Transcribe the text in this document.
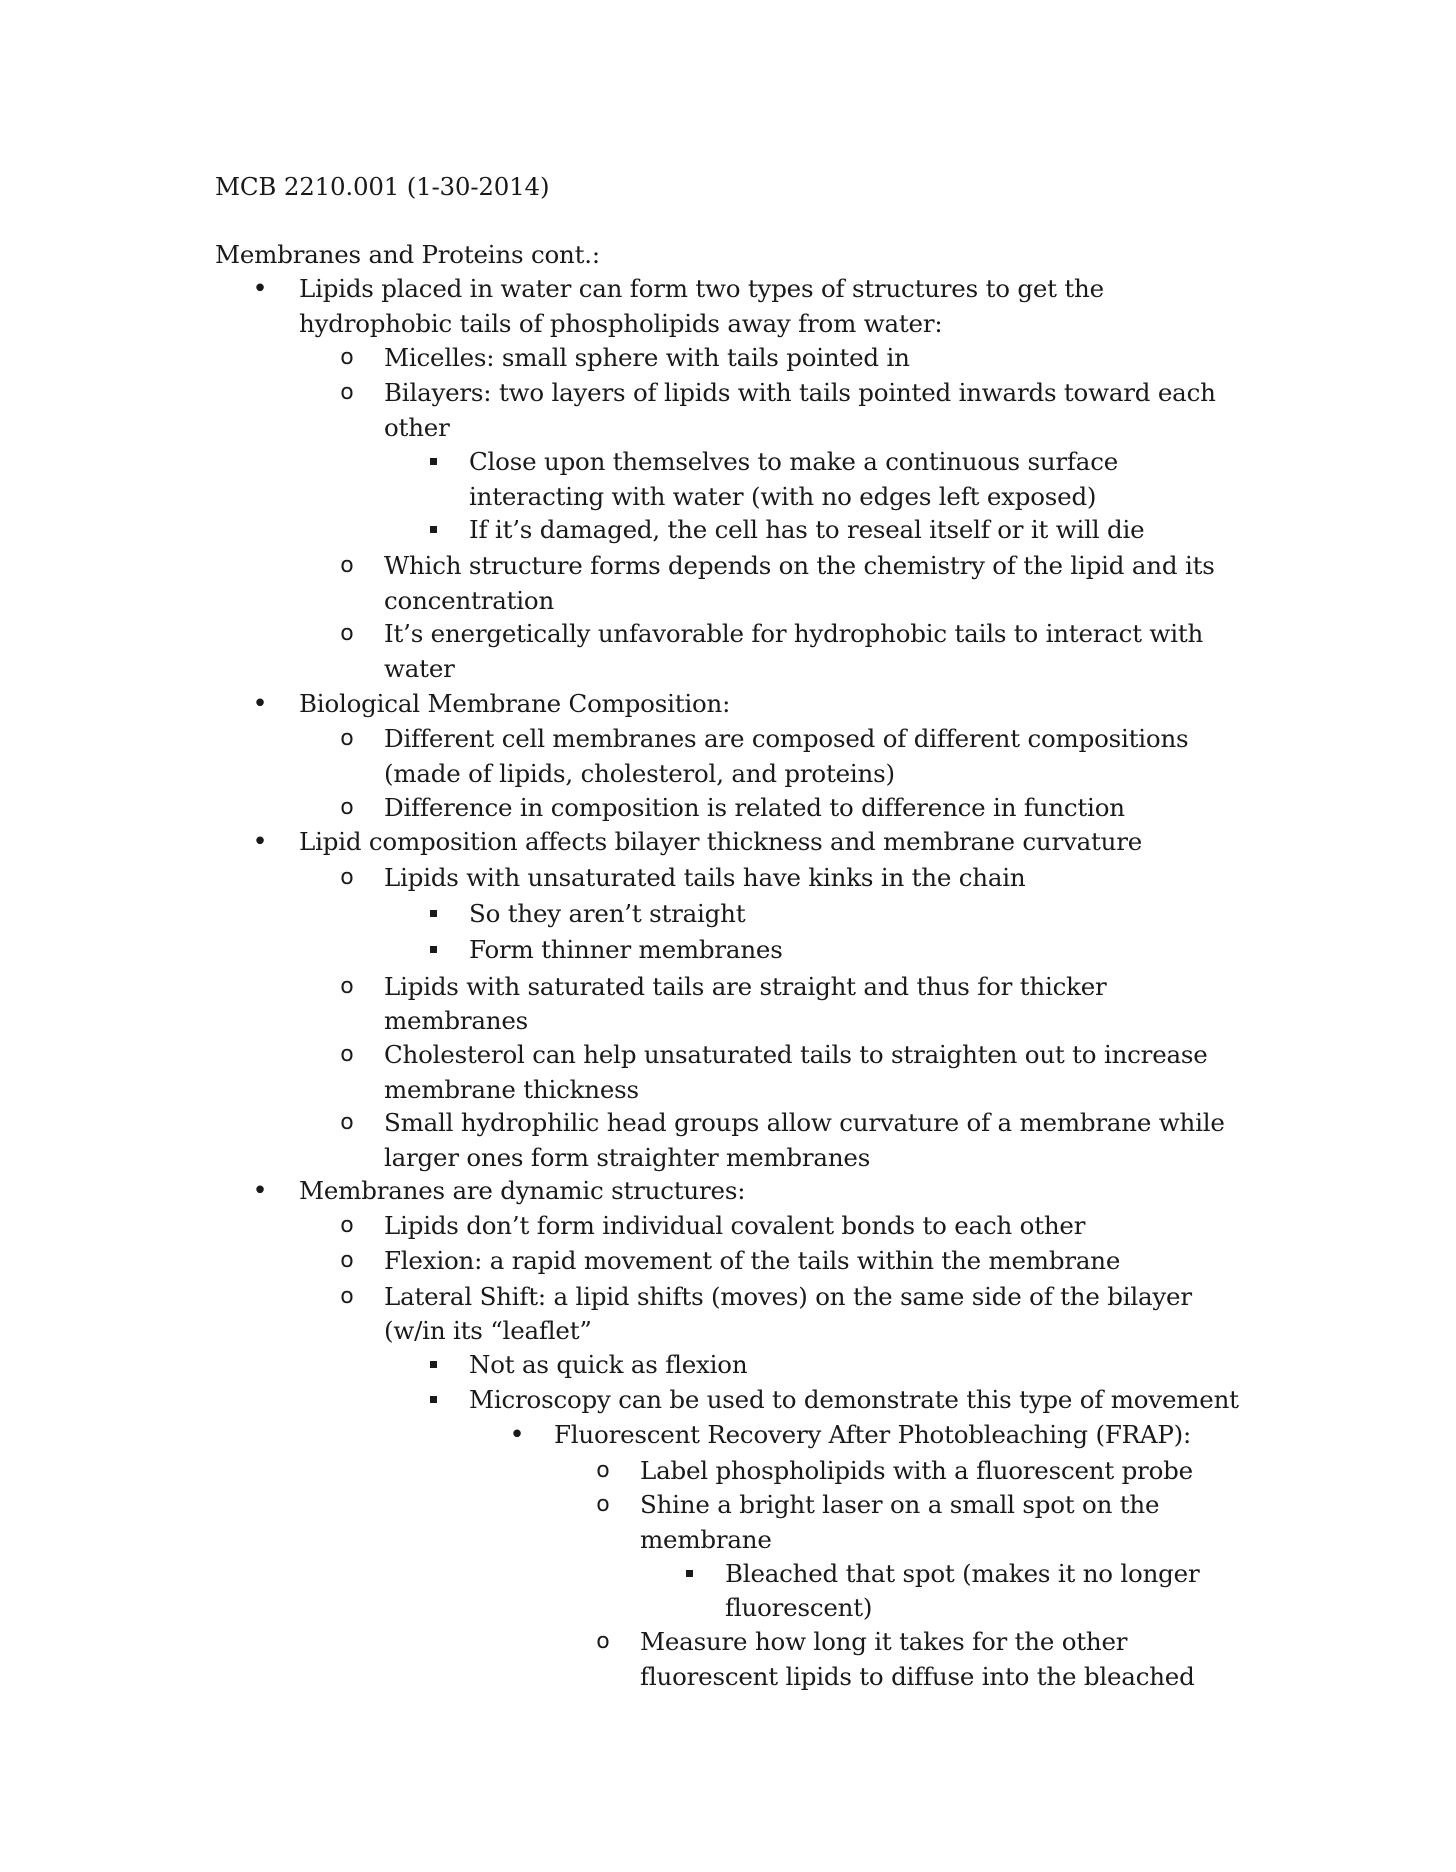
MCB 2210.001 (1-30-2014)
Membranes and Proteins cont.:
• Lipids placed in water can form two types of structures to get the
hydrophobic tails of phospholipids away from water:
o Micelles: small sphere with tails pointed in
o Bilayers: two layers of lipids with tails pointed inwards toward each
other
Close upon themselves to make a continuous surface
interacting with water (with no edges left exposed)
If it’s damaged, the cell has to reseal itself or it will die
o Which structure forms depends on the chemistry of the lipid and its
concentration
o It’s energetically unfavorable for hydrophobic tails to interact with
water
• Biological Membrane Composition:
o Different cell membranes are composed of different compositions
(made of lipids, cholesterol, and proteins)
o Difference in composition is related to difference in function
• Lipid composition affects bilayer thickness and membrane curvature
o Lipids with unsaturated tails have kinks in the chain
So they aren’t straight
Form thinner membranes
o Lipids with saturated tails are straight and thus for thicker
membranes
o Cholesterol can help unsaturated tails to straighten out to increase
membrane thickness
o Small hydrophilic head groups allow curvature of a membrane while
larger ones form straighter membranes
• Membranes are dynamic structures:
o Lipids don’t form individual covalent bonds to each other
o Flexion: a rapid movement of the tails within the membrane
o Lateral Shift: a lipid shifts (moves) on the same side of the bilayer
(w/in its “leaflet”
Not as quick as flexion
Microscopy can be used to demonstrate this type of movement
• Fluorescent Recovery After Photobleaching (FRAP):
o Label phospholipids with a fluorescent probe
o Shine a bright laser on a small spot on the
membrane
Bleached that spot (makes it no longer
fluorescent)
o Measure how long it takes for the other
fluorescent lipids to diffuse into the bleached
